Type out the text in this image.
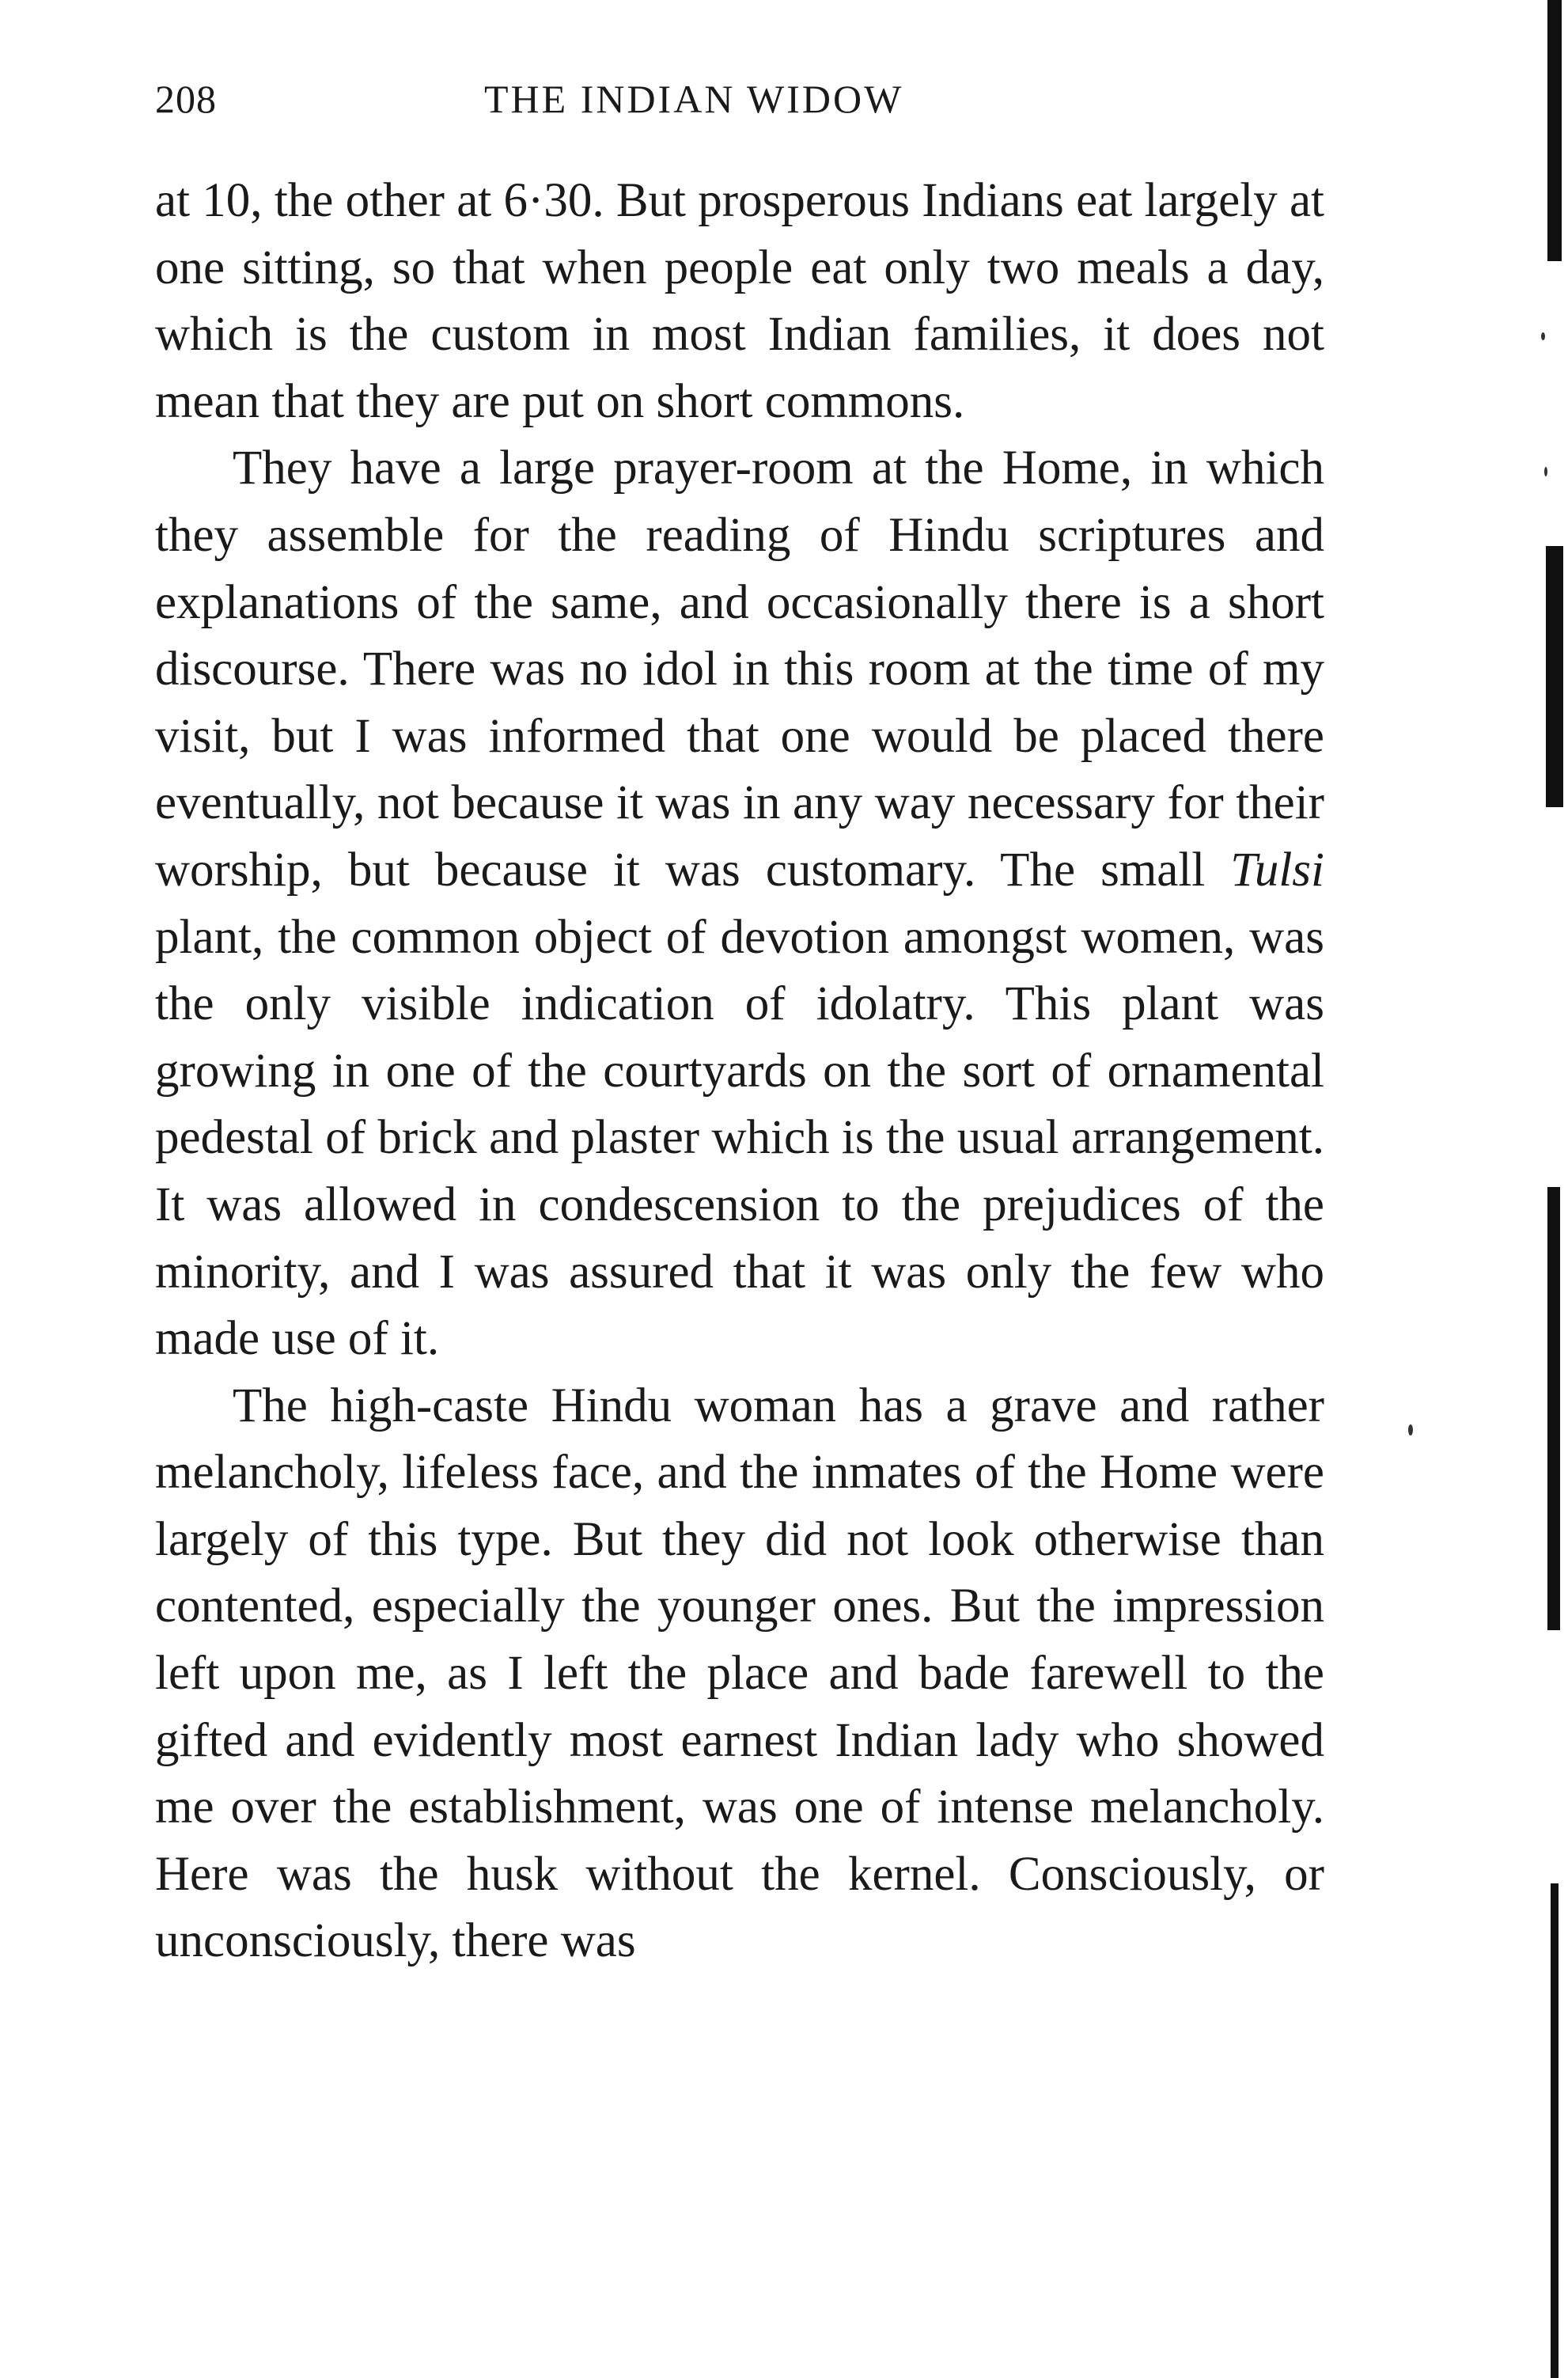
208	THE INDIAN WIDOW

at 10, the other at 6·30. But prosperous Indians eat largely at one sitting, so that when people eat only two meals a day, which is the custom in most Indian families, it does not mean that they are put on short commons.

They have a large prayer-room at the Home, in which they assemble for the reading of Hindu scriptures and explanations of the same, and occasionally there is a short discourse. There was no idol in this room at the time of my visit, but I was informed that one would be placed there eventually, not because it was in any way necessary for their worship, but because it was customary. The small Tulsi plant, the common object of devotion amongst women, was the only visible indication of idolatry. This plant was growing in one of the courtyards on the sort of ornamental pedestal of brick and plaster which is the usual arrangement. It was allowed in condescension to the prejudices of the minority, and I was assured that it was only the few who made use of it.

The high-caste Hindu woman has a grave and rather melancholy, lifeless face, and the inmates of the Home were largely of this type. But they did not look otherwise than contented, especially the younger ones. But the impression left upon me, as I left the place and bade farewell to the gifted and evidently most earnest Indian lady who showed me over the establishment, was one of intense melancholy. Here was the husk without the kernel. Consciously, or unconsciously, there was
